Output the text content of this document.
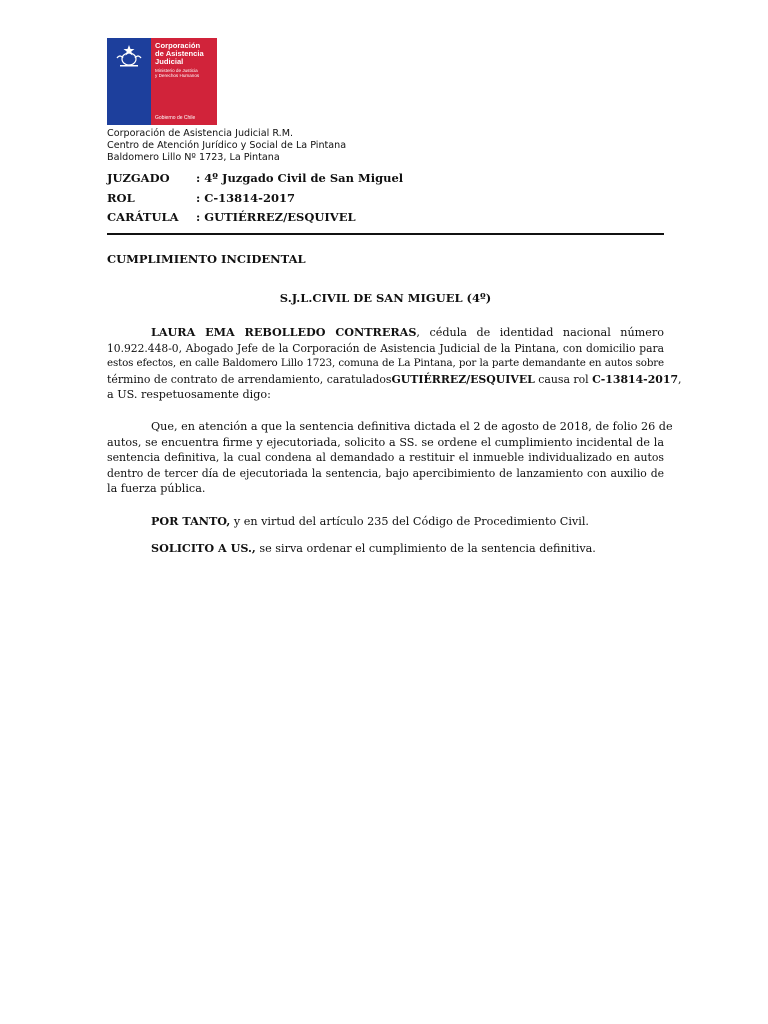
Corporación
de Asistencia
Judicial
Ministerio de Justicia
y Derechos Humanos
Gobierno de Chile
Corporación de Asistencia Judicial R.M.
Centro de Atención Jurídico y Social de La Pintana
Baldomero Lillo Nº 1723, La Pintana
JUZGADO : 4º Juzgado Civil de San Miguel
ROL	: C-13814-2017
CARÁTULA : GUTIÉRREZ/ESQUIVEL
CUMPLIMIENTO INCIDENTAL
S.J.L.CIVIL DE SAN MIGUEL (4º)
LAURA EMA REBOLLEDO CONTRERAS, cédula de identidad nacional número
10.922.448-0, Abogado Jefe de la Corporación de Asistencia Judicial de la Pintana, con domicilio para
estos efectos, en calle Baldomero Lillo 1723, comuna de La Pintana, por la parte demandante en autos sobre
término de contrato de arrendamiento, caratuladosGUTIÉRREZ/ESQUIVEL causa rol C-13814-2017,
a US. respetuosamente digo:
Que, en atención a que la sentencia definitiva dictada el 2 de agosto de 2018, de folio 26 de
autos, se encuentra firme y ejecutoriada, solicito a SS. se ordene el cumplimiento incidental de la
sentencia definitiva, la cual condena al demandado a restituir el inmueble individualizado en autos
dentro de tercer día de ejecutoriada la sentencia, bajo apercibimiento de lanzamiento con auxilio de
la fuerza pública.
POR TANTO, y en virtud del artículo 235 del Código de Procedimiento Civil.
SOLICITO A US., se sirva ordenar el cumplimiento de la sentencia definitiva.
